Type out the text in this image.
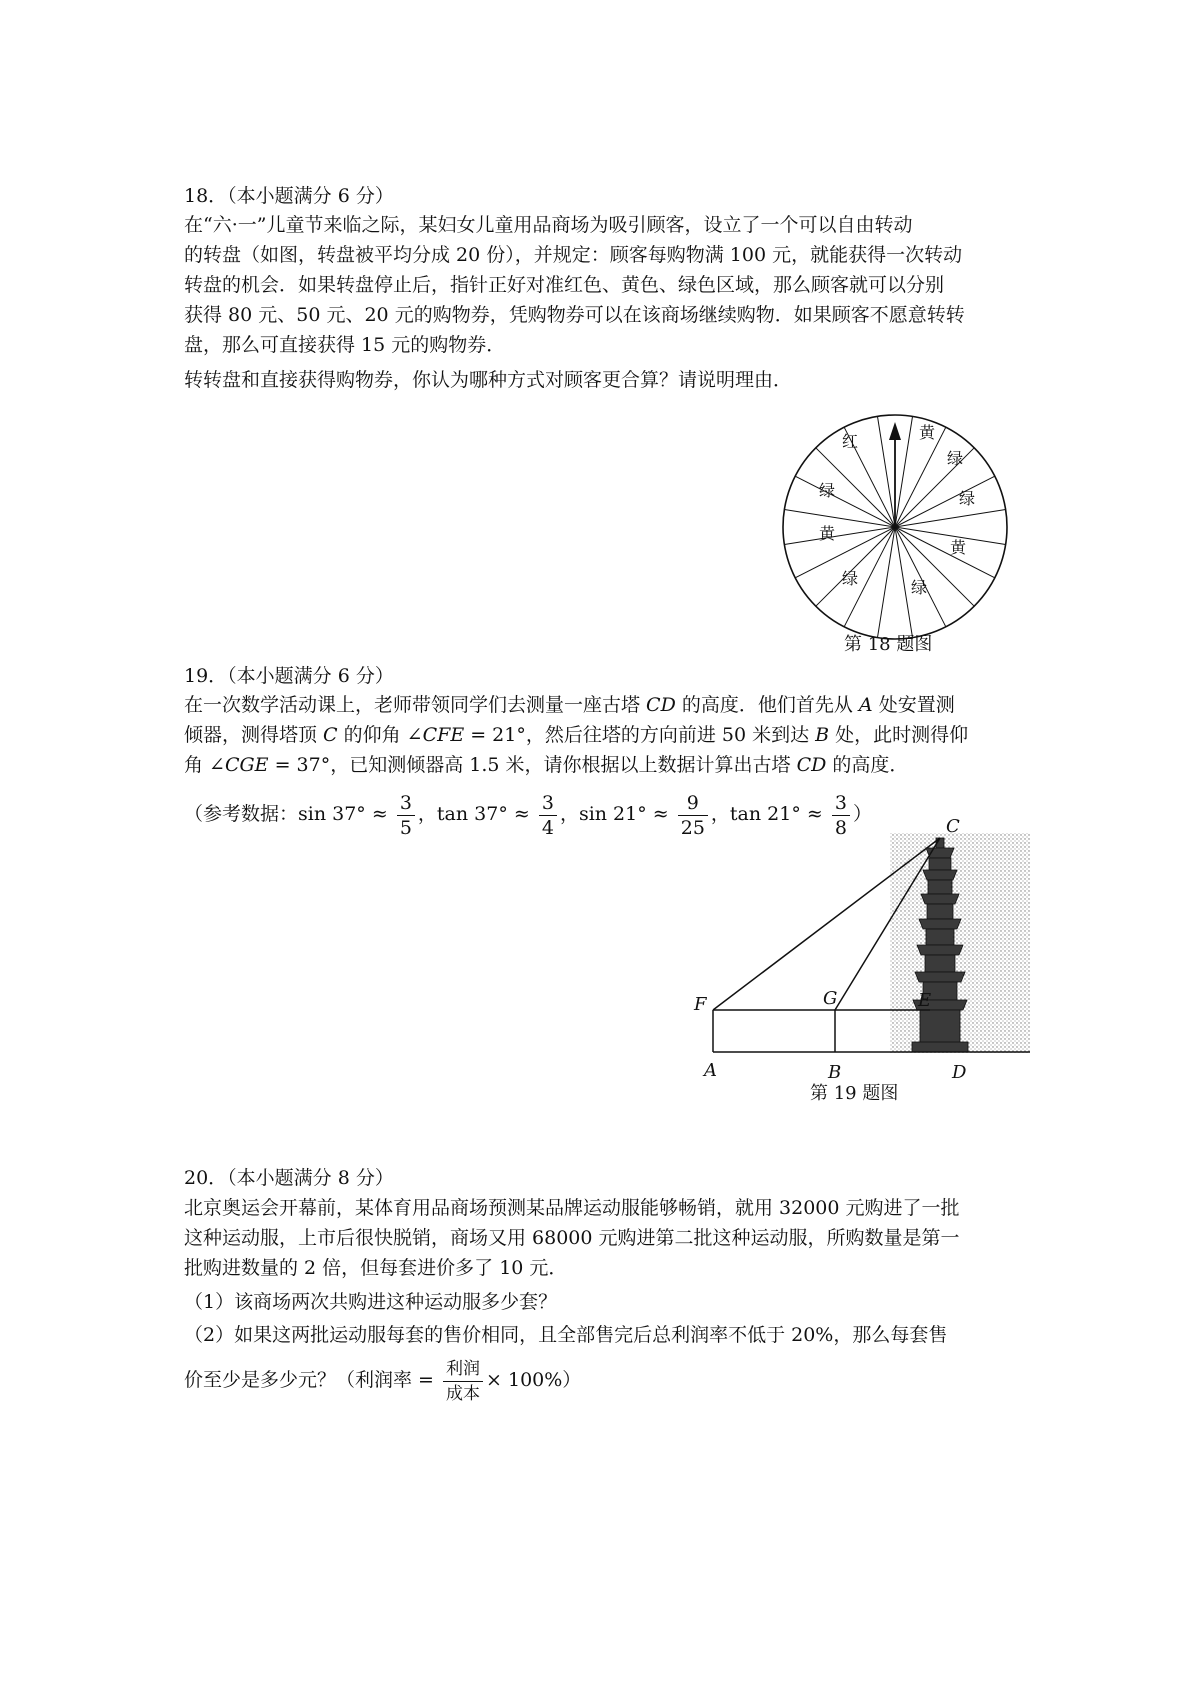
18．（本小题满分 6 分）
在“六·一”儿童节来临之际，某妇女儿童用品商场为吸引顾客，设立了一个可以自由转动
的转盘（如图，转盘被平均分成 20 份），并规定：顾客每购物满 100 元，就能获得一次转动
转盘的机会．如果转盘停止后，指针正好对准红色、黄色、绿色区域，那么顾客就可以分别
获得 80 元、50 元、20 元的购物券，凭购物券可以在该商场继续购物．如果顾客不愿意转转
盘，那么可直接获得 15 元的购物券．
转转盘和直接获得购物券，你认为哪种方式对顾客更合算？请说明理由．
黄
绿
绿
黄
绿
绿
黄
绿
红
第 18 题图
19．（本小题满分 6 分）
在一次数学活动课上，老师带领同学们去测量一座古塔 CD 的高度．他们首先从 A 处安置测
倾器，测得塔顶 C 的仰角 ∠CFE = 21°，然后往塔的方向前进 50 米到达 B 处，此时测得仰
角 ∠CGE = 37°，已知测倾器高 1.5 米，请你根据以上数据计算出古塔 CD 的高度．
（参考数据：$\sin 37^\circ \approx \frac{3}{5}$ ，$\tan 37^\circ \approx \frac{3}{4}$ ，$\sin 21^\circ \approx \frac{9}{25}$ ，$\tan 21^\circ \approx \frac{3}{8}$ ）
C
F	G	E
A	B	D
第 19 题图
20．（本小题满分 8 分）
北京奥运会开幕前，某体育用品商场预测某品牌运动服能够畅销，就用 32000 元购进了一批
这种运动服，上市后很快脱销，商场又用 68000 元购进第二批这种运动服，所购数量是第一
批购进数量的 2 倍，但每套进价多了 10 元．
（1）该商场两次共购进这种运动服多少套？
（2）如果这两批运动服每套的售价相同，且全部售完后总利润率不低于 20%，那么每套售
价至少是多少元？（利润率 = $\frac{\text{利润}}{\text{成本}} \times 100\%$）
